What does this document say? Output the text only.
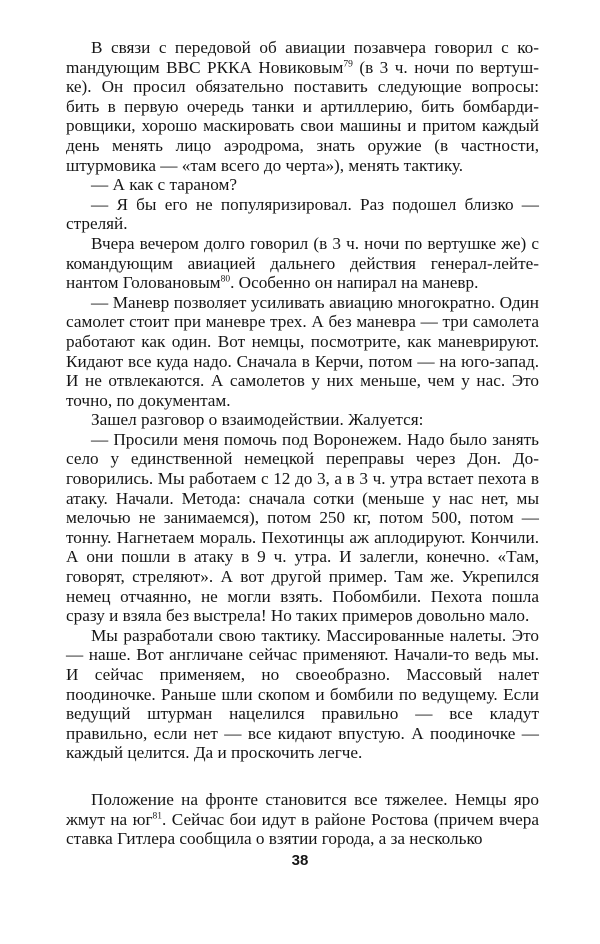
В связи с передовой об авиации позавчера говорил с коmандующим ВВС РККА Новиковым$^{79}$ (в 3 ч. ночи по вертушке). Он просил обязательно поставить следующие вопросы: бить в первую очередь танки и артиллерию, бить бомбардировщики, хорошо маскировать свои машины и притом каждый день менять лицо аэродрома, знать оружие (в частности, штурмовика — «там всего до черта»), менять тактику.

— А как с тараном?

— Я бы его не популяризировал. Раз подошел близко — стреляй.

Вчера вечером долго говорил (в 3 ч. ночи по вертушке же) с командующим авиацией дальнего действия генерал-лейтенантом Головановым$^{80}$. Особенно он напирал на маневр.

— Маневр позволяет усиливать авиацию многократно. Один самолет стоит при маневре трех. А без маневра — три самолета работают как один. Вот немцы, посмотрите, как маневрируют. Кидают все куда надо. Сначала в Керчи, потом — на юго-запад. И не отвлекаются. А самолетов у них меньше, чем у нас. Это точно, по документам.

Зашел разговор о взаимодействии. Жалуется:

— Просили меня помочь под Воронежем. Надо было занять село у единственной немецкой переправы через Дон. Договорились. Мы работаем с 12 до 3, а в 3 ч. утра встает пехота в атаку. Начали. Метода: сначала сотки (меньше у нас нет, мы мелочью не занимаемся), потом 250 кг, потом 500, потом — тонну. Нагнетаем мораль. Пехотинцы аж аплодируют. Кончили. А они пошли в атаку в 9 ч. утра. И залегли, конечно. «Там, говорят, стреляют». А вот другой пример. Там же. Укрепился немец отчаянно, не могли взять. Побомбили. Пехота пошла сразу и взяла без выстрела! Но таких примеров довольно мало.

Мы разработали свою тактику. Массированные налеты. Это — наше. Вот англичане сейчас применяют. Начали-то ведь мы. И сейчас применяем, но своеобразно. Массовый налет поодиночке. Раньше шли скопом и бомбили по ведущему. Если ведущий штурман нацелился правильно — все кладут правильно, если нет — все кидают впустую. А поодиночке — каждый целится. Да и проскочить легче.

Положение на фронте становится все тяжелее. Немцы яро жмут на $юг^{81}$. Сейчас бои идут в районе Ростова (причем вчера ставка Гитлера сообщила о взятии города, а за несколько

38
